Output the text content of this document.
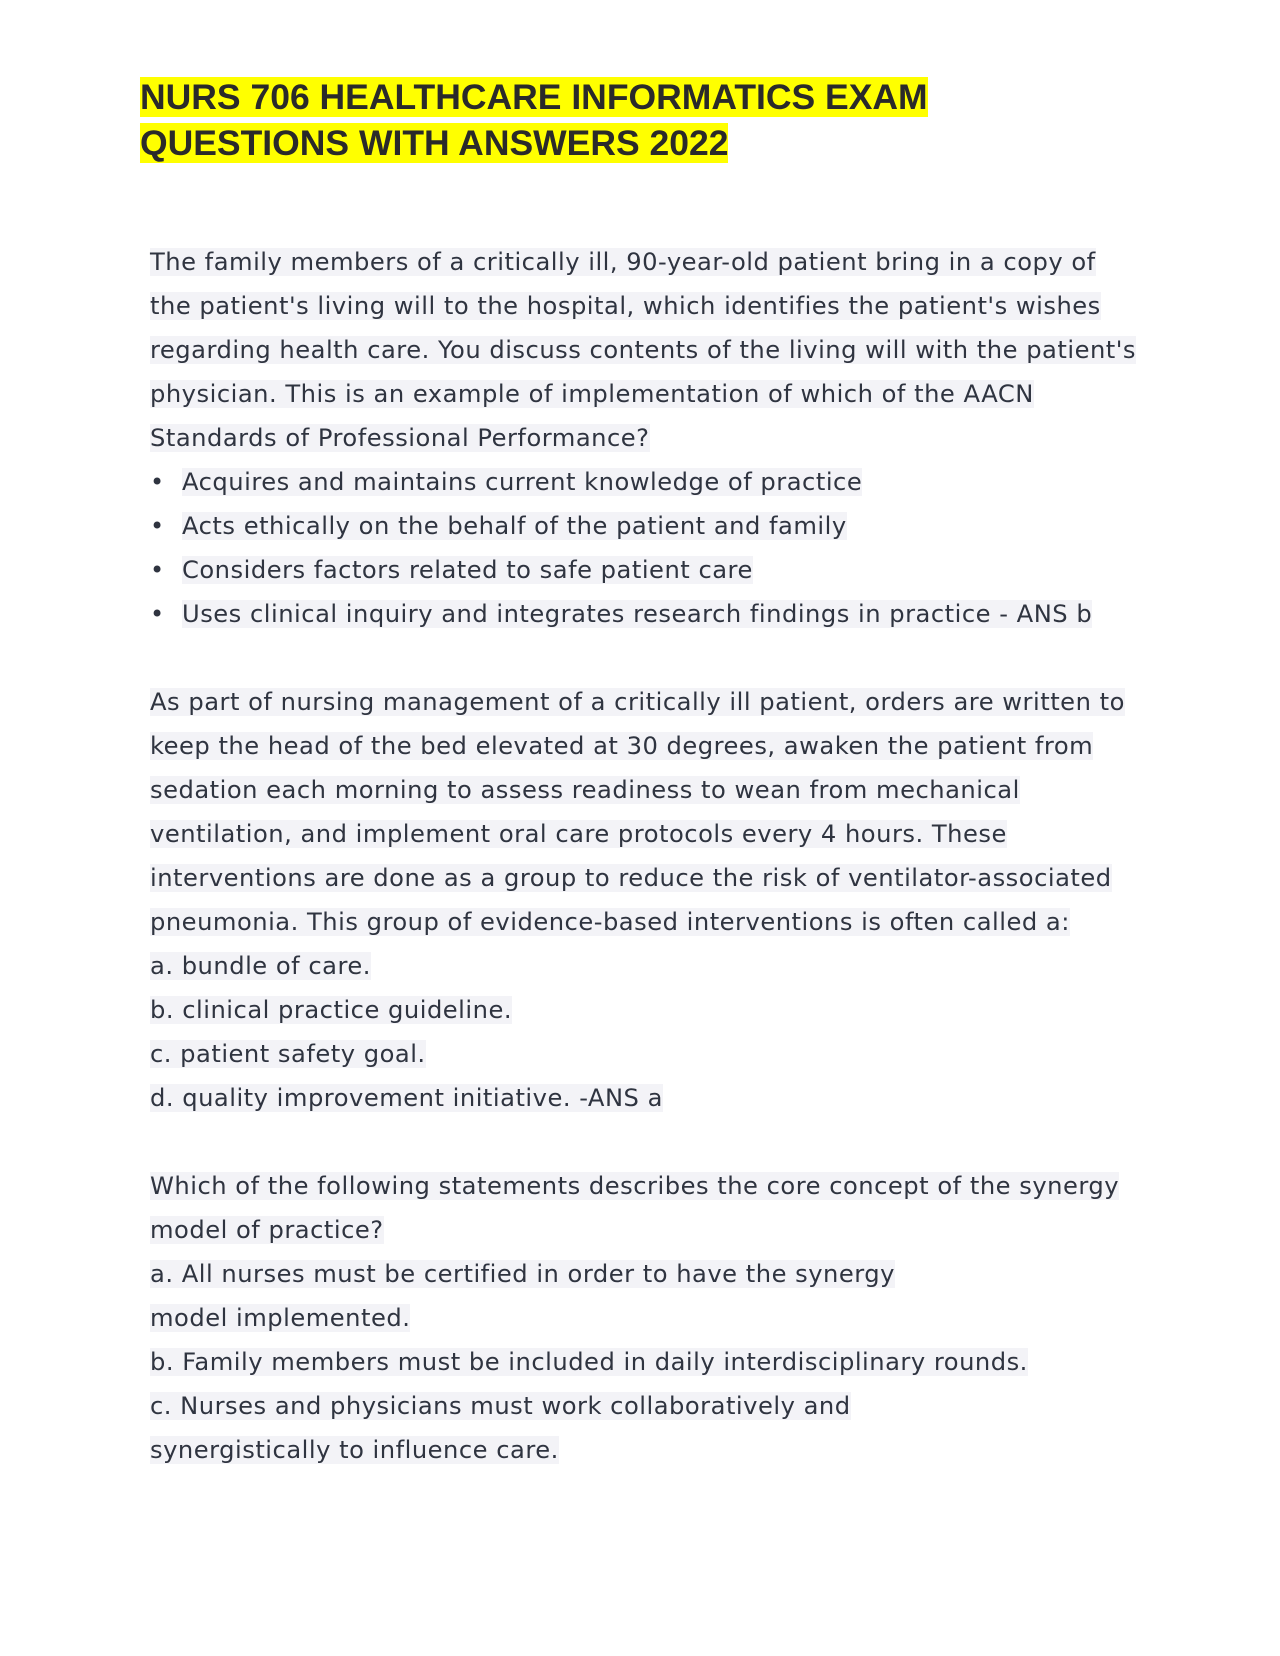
NURS 706 HEALTHCARE INFORMATICS EXAM
QUESTIONS WITH ANSWERS 2022

The family members of a critically ill, 90-year-old patient bring in a copy of the patient's living will to the hospital, which identifies the patient's wishes regarding health care. You discuss contents of the living will with the patient's physician. This is an example of implementation of which of the AACN Standards of Professional Performance?

• Acquires and maintains current knowledge of practice
• Acts ethically on the behalf of the patient and family
• Considers factors related to safe patient care
• Uses clinical inquiry and integrates research findings in practice - ANS b

As part of nursing management of a critically ill patient, orders are written to keep the head of the bed elevated at 30 degrees, awaken the patient from sedation each morning to assess readiness to wean from mechanical ventilation, and implement oral care protocols every 4 hours. These interventions are done as a group to reduce the risk of ventilator-associated pneumonia. This group of evidence-based interventions is often called a:

a. bundle of care.

b. clinical practice guideline.

c. patient safety goal.

d. quality improvement initiative. -ANS a

Which of the following statements describes the core concept of the synergy model of practice?

a. All nurses must be certified in order to have the synergy model implemented.

b. Family members must be included in daily interdisciplinary rounds.

c. Nurses and physicians must work collaboratively and synergistically to influence care.
